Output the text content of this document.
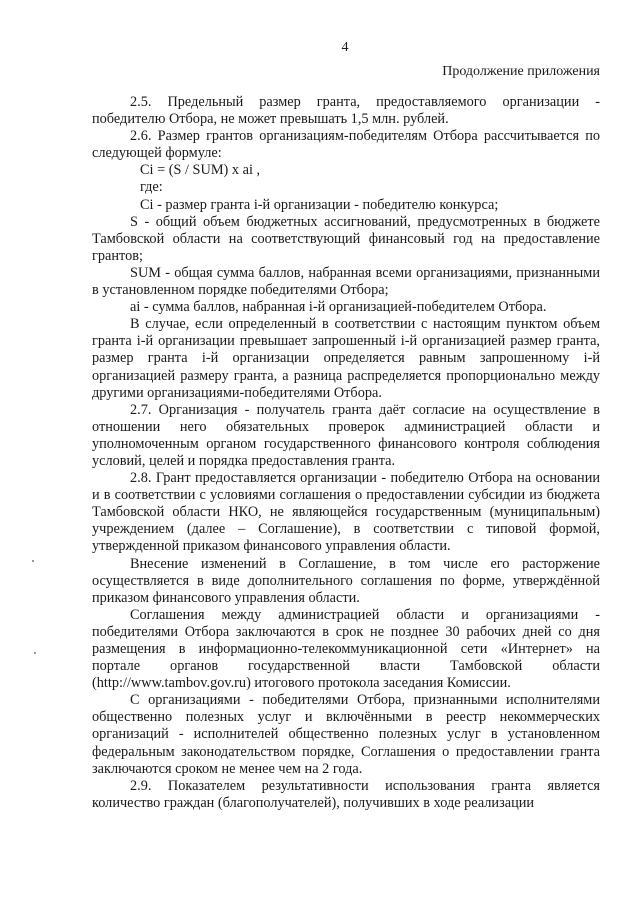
4
Продолжение приложения

2.5. Предельный размер гранта, предоставляемого организации - победителю Отбора, не может превышать 1,5 млн. рублей.

2.6. Размер грантов организациям-победителям Отбора рассчитывается по следующей формуле:

Ci = (S / SUM) х ai ,

где:

Ci - размер гранта i-й организации - победителю конкурса;

S - общий объем бюджетных ассигнований, предусмотренных в бюджете Тамбовской области на соответствующий финансовый год на предоставление грантов;

SUM - общая сумма баллов, набранная всеми организациями, признанными в установленном порядке победителями Отбора;

ai - сумма баллов, набранная i-й организацией-победителем Отбора.

В случае, если определенный в соответствии с настоящим пунктом объем гранта i-й организации превышает запрошенный i-й организацией размер гранта, размер гранта i-й организации определяется равным запрошенному i-й организацией размеру гранта, а разница распределяется пропорционально между другими организациями-победителями Отбора.

2.7. Организация - получатель гранта даёт согласие на осуществление в отношении него обязательных проверок администрацией области и уполномоченным органом государственного финансового контроля соблюдения условий, целей и порядка предоставления гранта.

2.8. Грант предоставляется организации - победителю Отбора на основании и в соответствии с условиями соглашения о предоставлении субсидии из бюджета Тамбовской области НКО, не являющейся государственным (муниципальным) учреждением (далее – Соглашение), в соответствии с типовой формой, утвержденной приказом финансового управления области.

Внесение изменений в Соглашение, в том числе его расторжение осуществляется в виде дополнительного соглашения по форме, утверждённой приказом финансового управления области.

Соглашения между администрацией области и организациями - победителями Отбора заключаются в срок не позднее 30 рабочих дней со дня размещения в информационно-телекоммуникационной сети «Интернет» на портале органов государственной власти Тамбовской области (http://www.tambov.gov.ru) итогового протокола заседания Комиссии.

С организациями - победителями Отбора, признанными исполнителями общественно полезных услуг и включёнными в реестр некоммерческих организаций - исполнителей общественно полезных услуг в установленном федеральным законодательством порядке, Соглашения о предоставлении гранта заключаются сроком не менее чем на 2 года.

2.9. Показателем результативности использования гранта является количество граждан (благополучателей), получивших в ходе реализации
